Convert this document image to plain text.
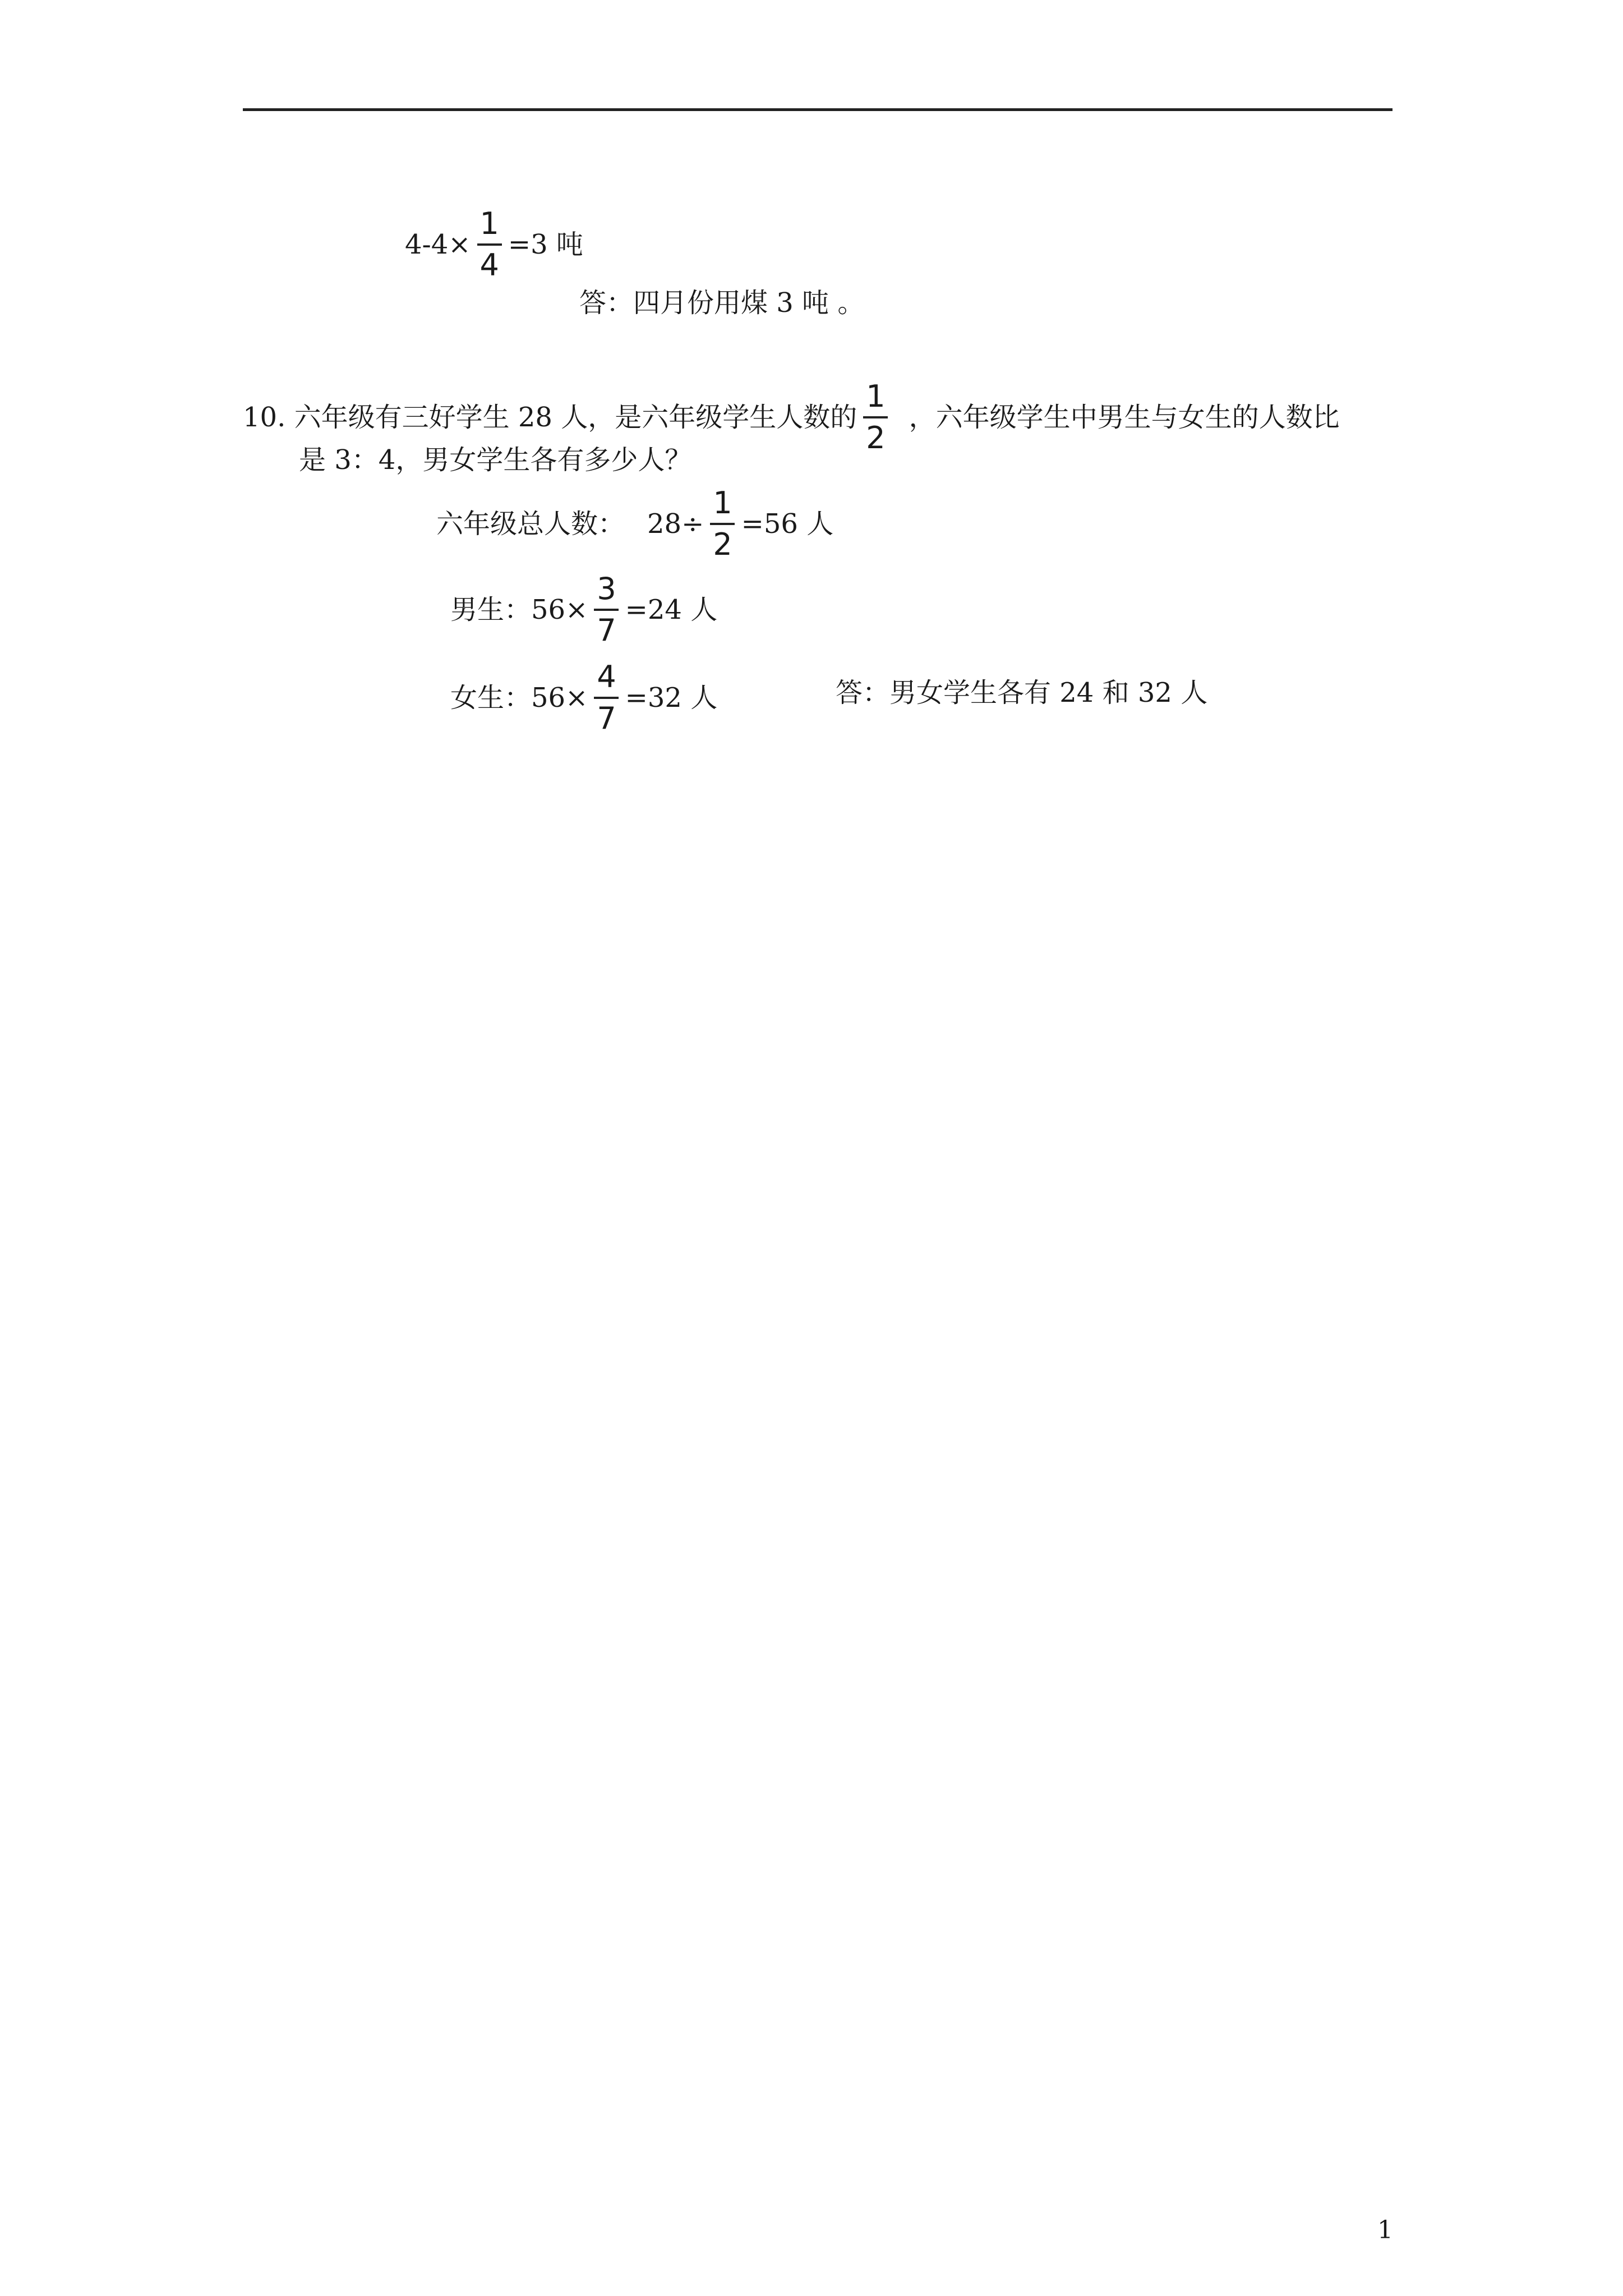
$4-4\times \frac{1}{4} =3$ 吨
答：四月份用煤 3 吨 。
10. 六年级有三好学生 28 人，是六年级学生人数的 $\frac{1}{2}$ ，六年级学生中男生与女生的人数比
是 3：4，男女学生各有多少人？
六年级总人数： $28\div \frac{1}{2} =56$ 人
男生：$56\times \frac{3}{7} =24$ 人
女生：$56\times \frac{4}{7} =32$ 人	答：男女学生各有 24 和 32 人
1
